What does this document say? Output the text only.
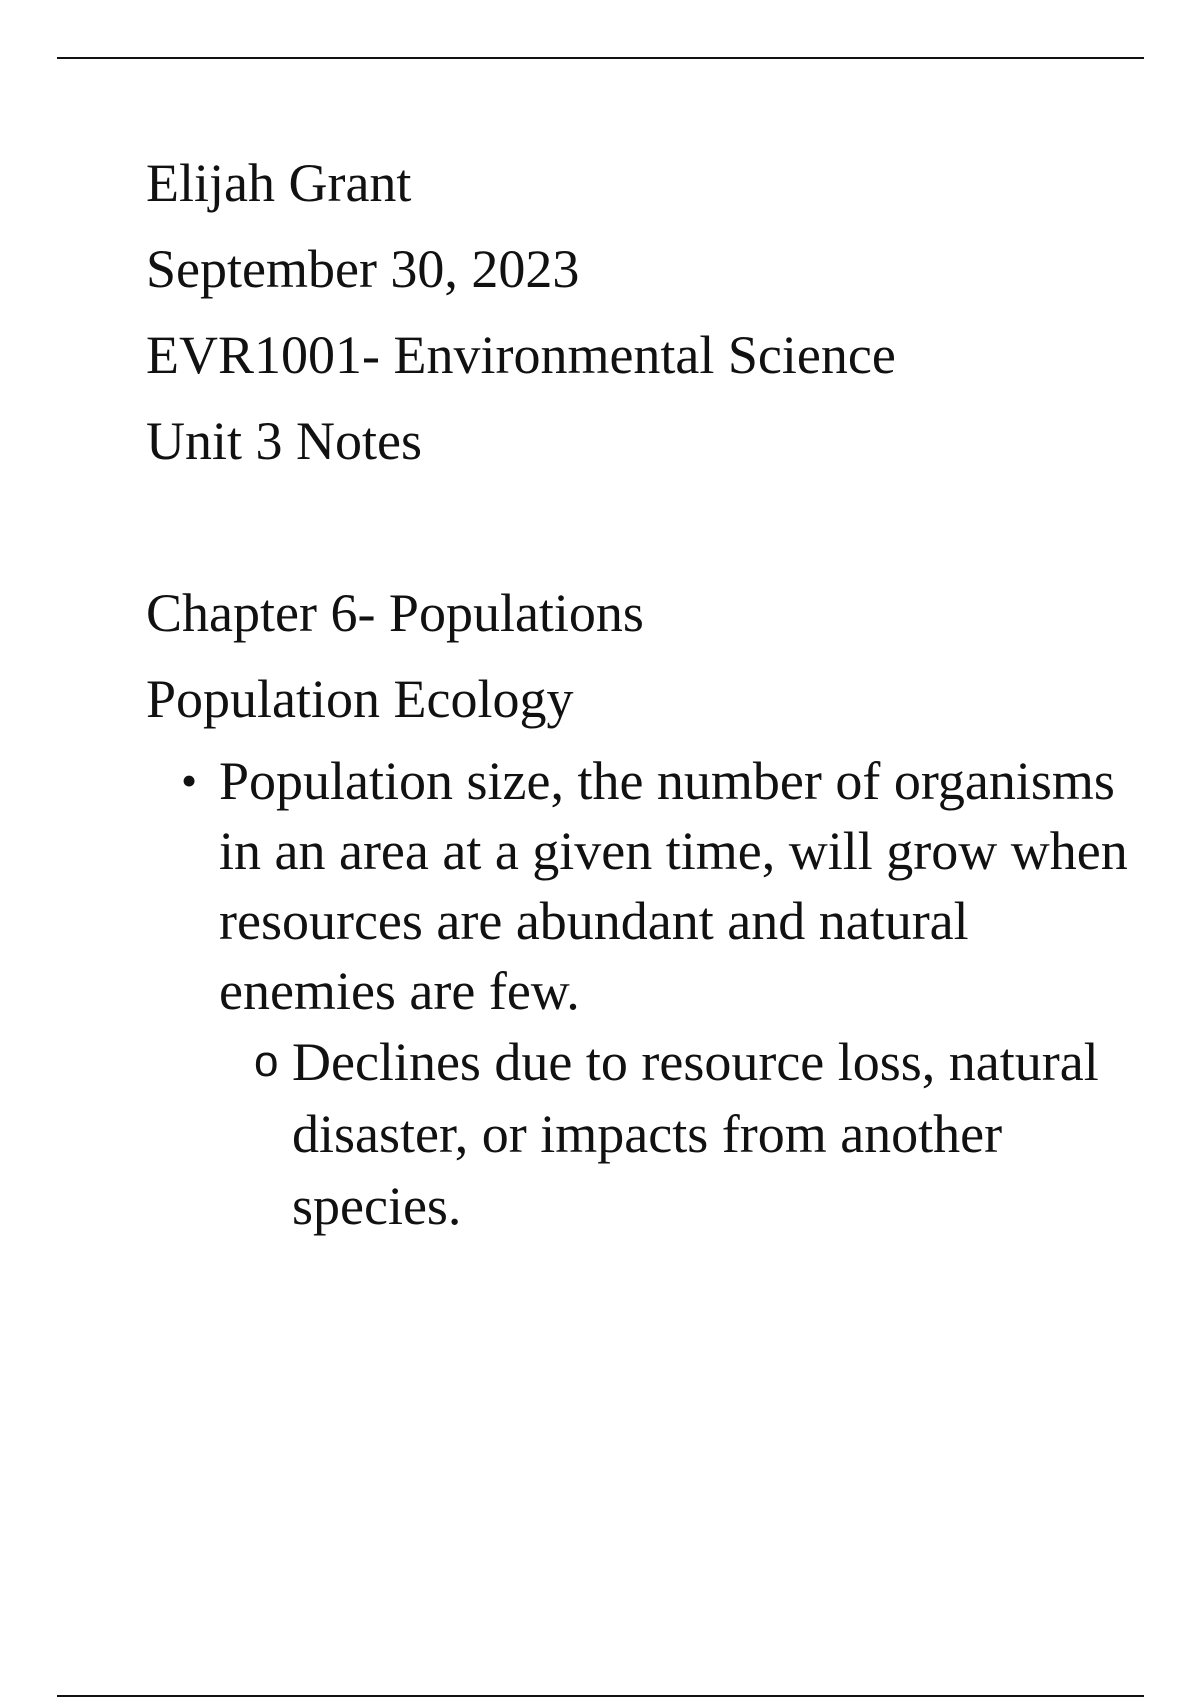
Elijah Grant
September 30, 2023
EVR1001- Environmental Science
Unit 3 Notes
Chapter 6- Populations
Population Ecology
• Population size, the number of organisms in an area at a given time, will grow when resources are abundant and natural enemies are few.
o Declines due to resource loss, natural disaster, or impacts from another species.
